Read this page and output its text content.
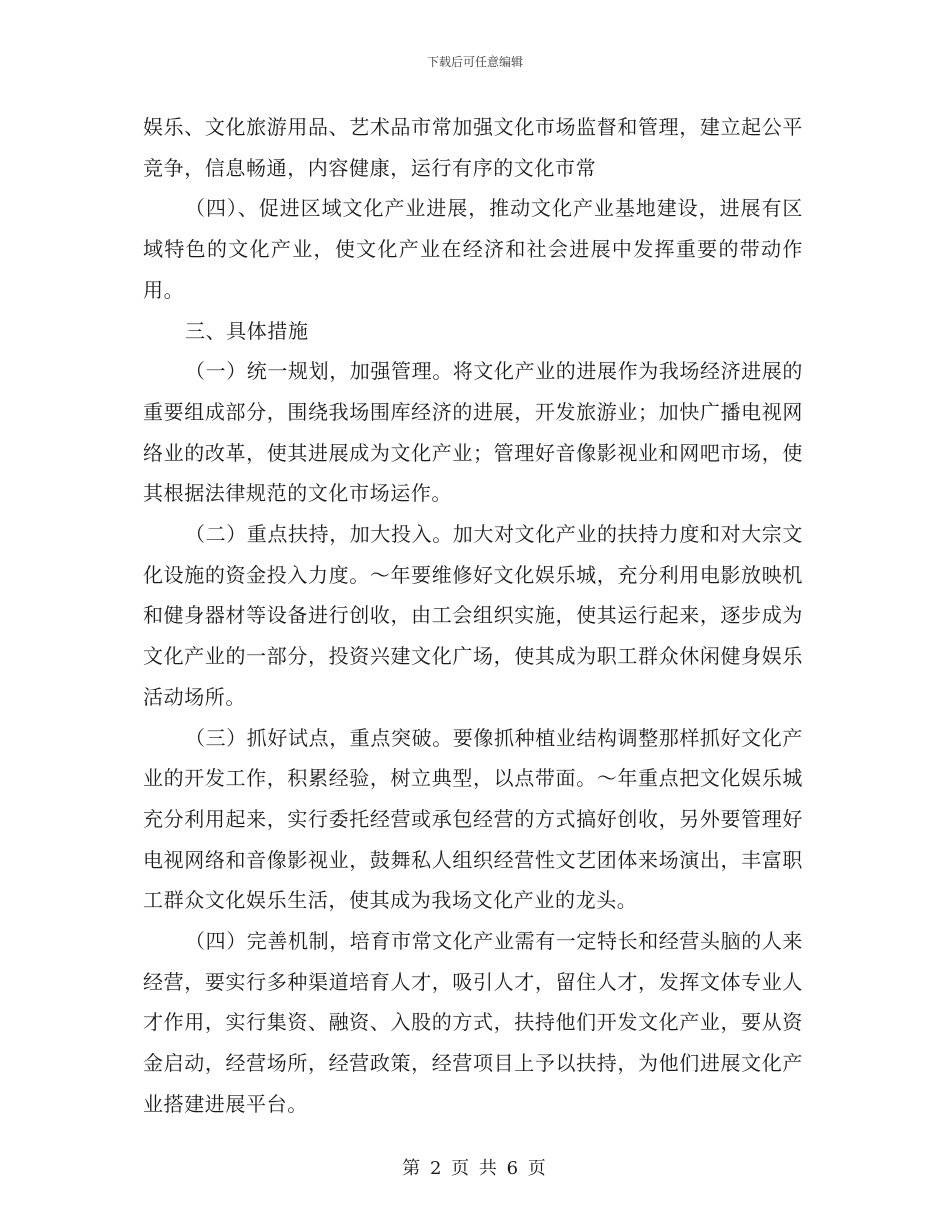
下载后可任意编辑

娱乐、文化旅游用品、艺术品市常加强文化市场监督和管理，建立起公平竞争，信息畅通，内容健康，运行有序的文化市常

（四）、促进区域文化产业进展，推动文化产业基地建设，进展有区域特色的文化产业，使文化产业在经济和社会进展中发挥重要的带动作用。

三、具体措施

（一）统一规划，加强管理。将文化产业的进展作为我场经济进展的重要组成部分，围绕我场围库经济的进展，开发旅游业；加快广播电视网络业的改革，使其进展成为文化产业；管理好音像影视业和网吧市场，使其根据法律规范的文化市场运作。

（二）重点扶持，加大投入。加大对文化产业的扶持力度和对大宗文化设施的资金投入力度。～年要维修好文化娱乐城，充分利用电影放映机和健身器材等设备进行创收，由工会组织实施，使其运行起来，逐步成为文化产业的一部分，投资兴建文化广场，使其成为职工群众休闲健身娱乐活动场所。

（三）抓好试点，重点突破。要像抓种植业结构调整那样抓好文化产业的开发工作，积累经验，树立典型，以点带面。～年重点把文化娱乐城充分利用起来，实行委托经营或承包经营的方式搞好创收，另外要管理好电视网络和音像影视业，鼓舞私人组织经营性文艺团体来场演出，丰富职工群众文化娱乐生活，使其成为我场文化产业的龙头。

（四）完善机制，培育市常文化产业需有一定特长和经营头脑的人来经营，要实行多种渠道培育人才，吸引人才，留住人才，发挥文体专业人才作用，实行集资、融资、入股的方式，扶持他们开发文化产业，要从资金启动，经营场所，经营政策，经营项目上予以扶持，为他们进展文化产业搭建进展平台。

第 2 页 共 6 页
